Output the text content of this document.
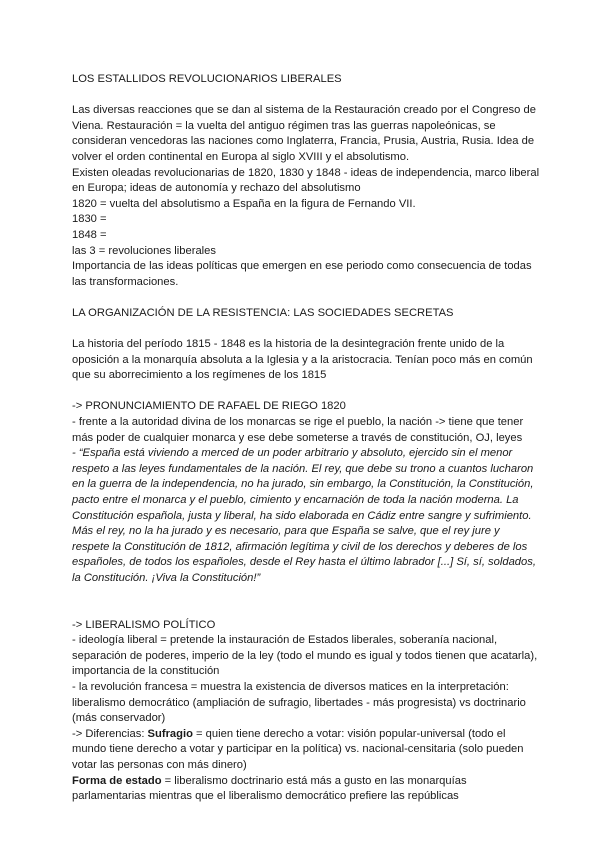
LOS ESTALLIDOS REVOLUCIONARIOS LIBERALES

Las diversas reacciones que se dan al sistema de la Restauración creado por el Congreso de Viena. Restauración = la vuelta del antiguo régimen tras las guerras napoleónicas, se consideran vencedoras las naciones como Inglaterra, Francia, Prusia, Austria, Rusia. Idea de volver el orden continental en Europa al siglo XVIII y el absolutismo.

Existen oleadas revolucionarias de 1820, 1830 y 1848 - ideas de independencia, marco liberal en Europa; ideas de autonomía y rechazo del absolutismo

1820 = vuelta del absolutismo a España en la figura de Fernando VII.

1830 =

1848 =

las 3 = revoluciones liberales

Importancia de las ideas políticas que emergen en ese periodo como consecuencia de todas las transformaciones.

LA ORGANIZACIÓN DE LA RESISTENCIA: LAS SOCIEDADES SECRETAS

La historia del período 1815 - 1848 es la historia de la desintegración frente unido de la oposición a la monarquía absoluta a la Iglesia y a la aristocracia. Tenían poco más en común que su aborrecimiento a los regímenes de los 1815

-> PRONUNCIAMIENTO DE RAFAEL DE RIEGO 1820

- frente a la autoridad divina de los monarcas se rige el pueblo, la nación -> tiene que tener más poder de cualquier monarca y ese debe someterse a través de constitución, OJ, leyes

- “España está viviendo a merced de un poder arbitrario y absoluto, ejercido sin el menor respeto a las leyes fundamentales de la nación. El rey, que debe su trono a cuantos lucharon en la guerra de la independencia, no ha jurado, sin embargo, la Constitución, la Constitución, pacto entre el monarca y el pueblo, cimiento y encarnación de toda la nación moderna. La Constitución española, justa y liberal, ha sido elaborada en Cádiz entre sangre y sufrimiento. Más el rey, no la ha jurado y es necesario, para que España se salve, que el rey jure y respete la Constitución de 1812, afirmación legítima y civil de los derechos y deberes de los españoles, de todos los españoles, desde el Rey hasta el último labrador [...] Sí, sí, soldados, la Constitución. ¡Viva la Constitución!”

-> LIBERALISMO POLÍTICO

- ideología liberal = pretende la instauración de Estados liberales, soberanía nacional, separación de poderes, imperio de la ley (todo el mundo es igual y todos tienen que acatarla), importancia de la constitución

- la revolución francesa = muestra la existencia de diversos matices en la interpretación: liberalismo democrático (ampliación de sufragio, libertades - más progresista) vs doctrinario (más conservador)

-> Diferencias: Sufragio = quien tiene derecho a votar: visión popular-universal (todo el mundo tiene derecho a votar y participar en la política) vs. nacional-censitaria (solo pueden votar las personas con más dinero)

Forma de estado = liberalismo doctrinario está más a gusto en las monarquías parlamentarias mientras que el liberalismo democrático prefiere las repúblicas
